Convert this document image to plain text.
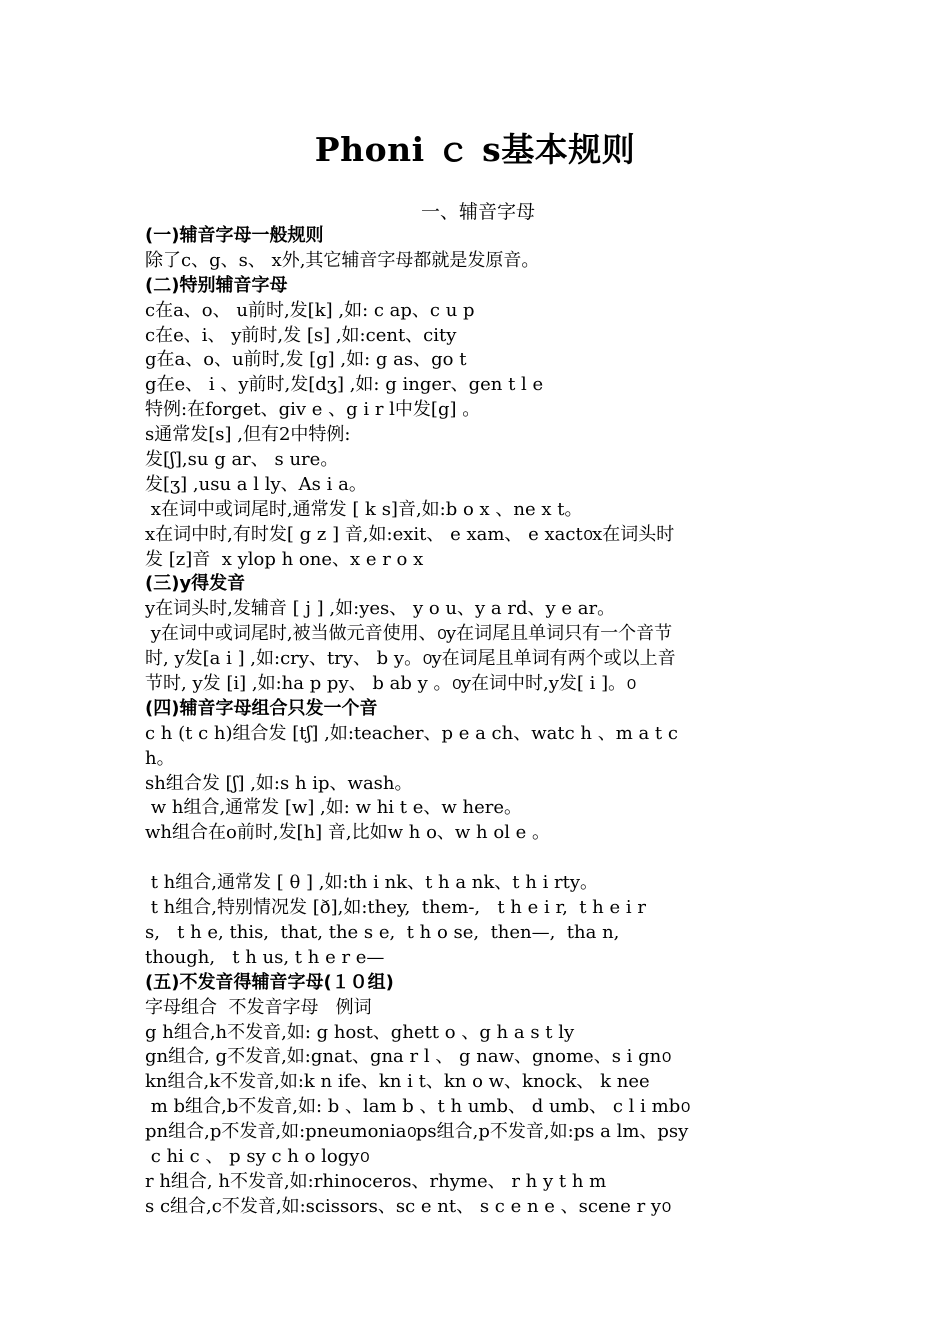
Phoni ｃ s基本规则
一、辅音字母
(一)辅音字母一般规则
除了c、g、s、 x外,其它辅音字母都就是发原音。
(二)特别辅音字母
c在a、o、 u前时,发[k] ,如: c ap、c u p
c在e、i、 y前时,发 [s] ,如:cent、city
g在a、o、u前时,发 [g] ,如: g as、go t
g在e、 i 、y前时,发[dʒ] ,如: g inger、gen t l e
特例:在forget、giv e 、g i r l中发[g] 。
s通常发[s] ,但有2中特例:
发[ʃ],su g ar、 s ure。
发[ʒ] ,usu a l ly、As i a。
x在词中或词尾时,通常发 [ k s]音,如:b o x 、ne x t。
x在词中时,有时发[ g z ] 音,如:exit、 e xam、 e xact൦x在词头时
发 [z]音  x ylop h one、x e r o x
(三)y得发音
y在词头时,发辅音 [ j ] ,如:yes、 y o u、y a rd、y e ar。
y在词中或词尾时,被当做元音使用、൦y在词尾且单词只有一个音节
时, y发[a i ] ,如:cry、try、 b y。൦y在词尾且单词有两个或以上音
节时, y发 [i] ,如:ha p py、 b ab y 。൦y在词中时,y发[ i ]。൦
(四)辅音字母组合只发一个音
c h (t c h)组合发 [tʃ] ,如:teacher、p e a ch、watc h 、m a t c
h。
sh组合发 [ʃ] ,如:s h ip、wash。
w h组合,通常发 [w] ,如: w hi t e、w here。
wh组合在o前时,发[h] 音,比如w h o、w h ol e 。
t h组合,通常发 [ θ ] ,如:th i nk、t h a nk、t h i rty。
t h组合,特别情况发 [ð],如:they,  them-,   t h e i r,  t h e i r
s,   t h e, this,  that, the s e,  t h o se,  then—,  tha n,
though,   t h us, t h e r e—
(五)不发音得辅音字母(１０组)
字母组合  不发音字母   例词
g h组合,h不发音,如: g host、ghett o 、g h a s t ly
gn组合, g不发音,如:gnat、gna r l 、 g naw、gnome、s i gn൦
kn组合,k不发音,如:k n ife、kn i t、kn o w、knock、 k nee
m b组合,b不发音,如: b 、lam b 、t h umb、 d umb、 c l i mb൦
pn组合,p不发音,如:pneumonia൦ps组合,p不发音,如:ps a lm、psy
c hi c 、 p sy c h o logy൦
r h组合, h不发音,如:rhinoceros、rhyme、 r h y t h m
s c组合,c不发音,如:scissors、sc e nt、 s c e n e 、scene r y൦
